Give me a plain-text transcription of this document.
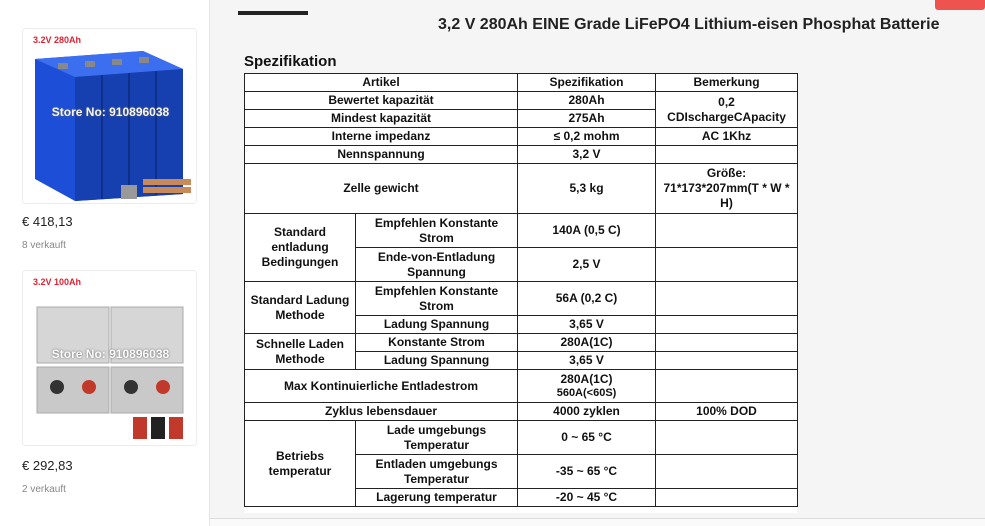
3.2V 280Ah
Store No: 910896038
€ 418,13
8 verkauft
3.2V 100Ah
Store No: 910896038
€ 292,83
2 verkauft
3,2 V 280Ah EINE Grade LiFePO4 Lithium-eisen Phosphat Batterie
Spezifikation
Artikel		Spezifikation	Bemerkung
Bewertet kapazität		280Ah	0,2
CDIschargeCApacity

Mindest kapazität		275Ah	
Interne impedanz		≤ 0,2 mohm	AC 1Khz
Nennspannung		3,2 V	
Zelle gewicht		5,3 kg	Größe: 71*173*207mm(T * W * H)
Standard entladung Bedingungen	Empfehlen Konstante Strom	140A (0,5 C)	
	Ende-von-Entladung Spannung	2,5 V	
Standard Ladung Methode	Empfehlen Konstante Strom	56A (0,2 C)	
	Ladung Spannung	3,65 V	
Schnelle Laden Methode	Konstante Strom	280A(1C)	
	Ladung Spannung	3,65 V	
Max Kontinuierliche Entladestrom		280A(1C)
560A(<60S)	

Zyklus lebensdauer		4000 zyklen	100% DOD
Betriebs temperatur	Lade umgebungs Temperatur	0 ~ 65 °C	
	Entladen umgebungs Temperatur	-35 ~ 65 °C	
	Lagerung temperatur	-20 ~ 45 °C	
